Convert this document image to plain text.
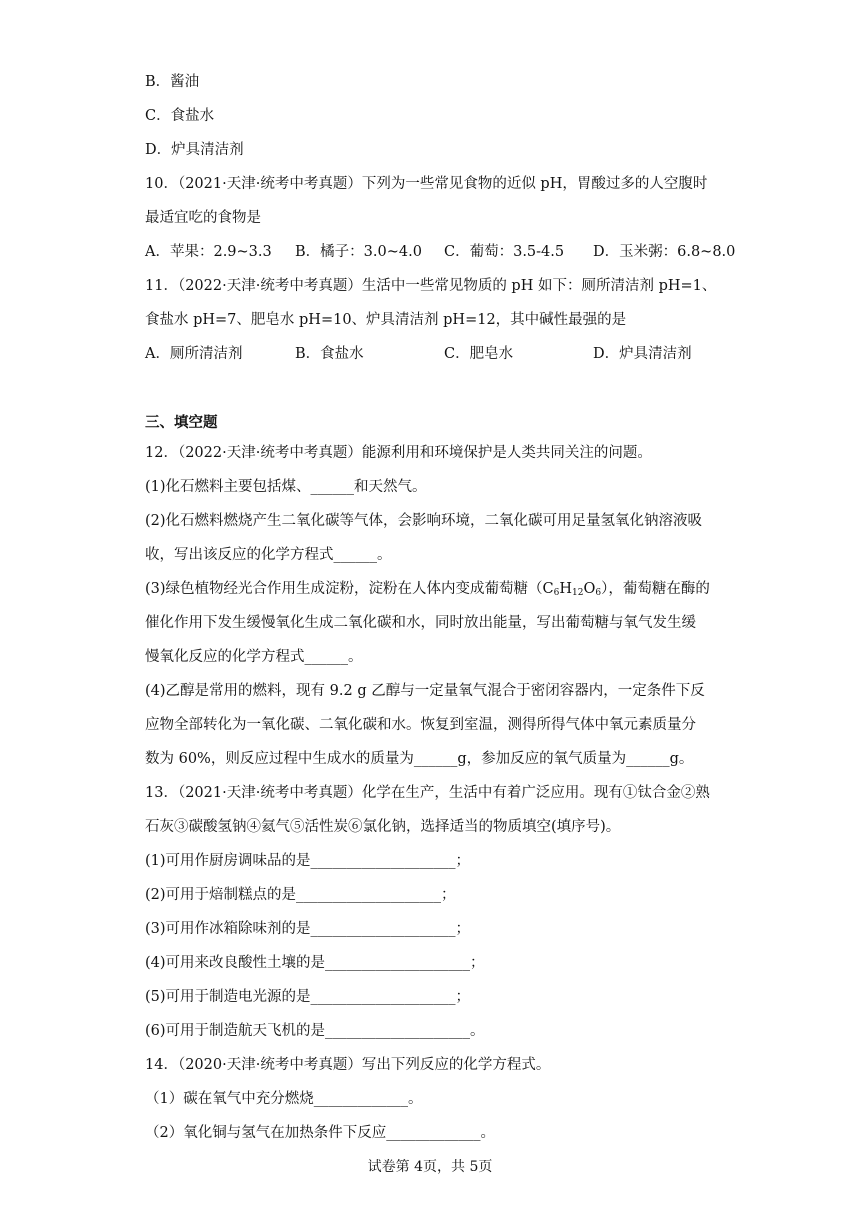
B．酱油
C．食盐水
D．炉具清洁剂
10．（2021·天津·统考中考真题）下列为一些常见食物的近似 pH，胃酸过多的人空腹时
最适宜吃的食物是
A．苹果：2.9~3.3 B．橘子：3.0~4.0 C．葡萄：3.5-4.5 D．玉米粥：6.8~8.0
11．（2022·天津·统考中考真题）生活中一些常见物质的 pH 如下：厕所清洁剂 pH=1、
食盐水 pH=7、肥皂水 pH=10、炉具清洁剂 pH=12，其中碱性最强的是
A．厕所清洁剂	B．食盐水	C．肥皂水	D．炉具清洁剂
三、填空题
12．（2022·天津·统考中考真题）能源利用和环境保护是人类共同关注的问题。
(1)化石燃料主要包括煤、______和天然气。
(2)化石燃料燃烧产生二氧化碳等气体，会影响环境，二氧化碳可用足量氢氧化钠溶液吸
收，写出该反应的化学方程式______。
(3)绿色植物经光合作用生成淀粉，淀粉在人体内变成葡萄糖$(C_6H_{12}O_6)$，葡萄糖在酶的
催化作用下发生缓慢氧化生成二氧化碳和水，同时放出能量，写出葡萄糖与氧气发生缓
慢氧化反应的化学方程式______。
(4)乙醇是常用的燃料，现有 9.2 g 乙醇与一定量氧气混合于密闭容器内，一定条件下反
应物全部转化为一氧化碳、二氧化碳和水。恢复到室温，测得所得气体中氧元素质量分
数为 60%，则反应过程中生成水的质量为______g，参加反应的氧气质量为______g。
13．（2021·天津·统考中考真题）化学在生产，生活中有着广泛应用。现有①钛合金②熟
石灰③碳酸氢钠④氦气⑤活性炭⑥氯化钠，选择适当的物质填空(填序号)。
(1)可用作厨房调味品的是____________________；
(2)可用于焙制糕点的是____________________；
(3)可用作冰箱除味剂的是____________________；
(4)可用来改良酸性土壤的是____________________；
(5)可用于制造电光源的是____________________；
(6)可用于制造航天飞机的是____________________。
14．（2020·天津·统考中考真题）写出下列反应的化学方程式。
（1）碳在氧气中充分燃烧_____________。
（2）氧化铜与氢气在加热条件下反应_____________。
试卷第 4页，共 5页
